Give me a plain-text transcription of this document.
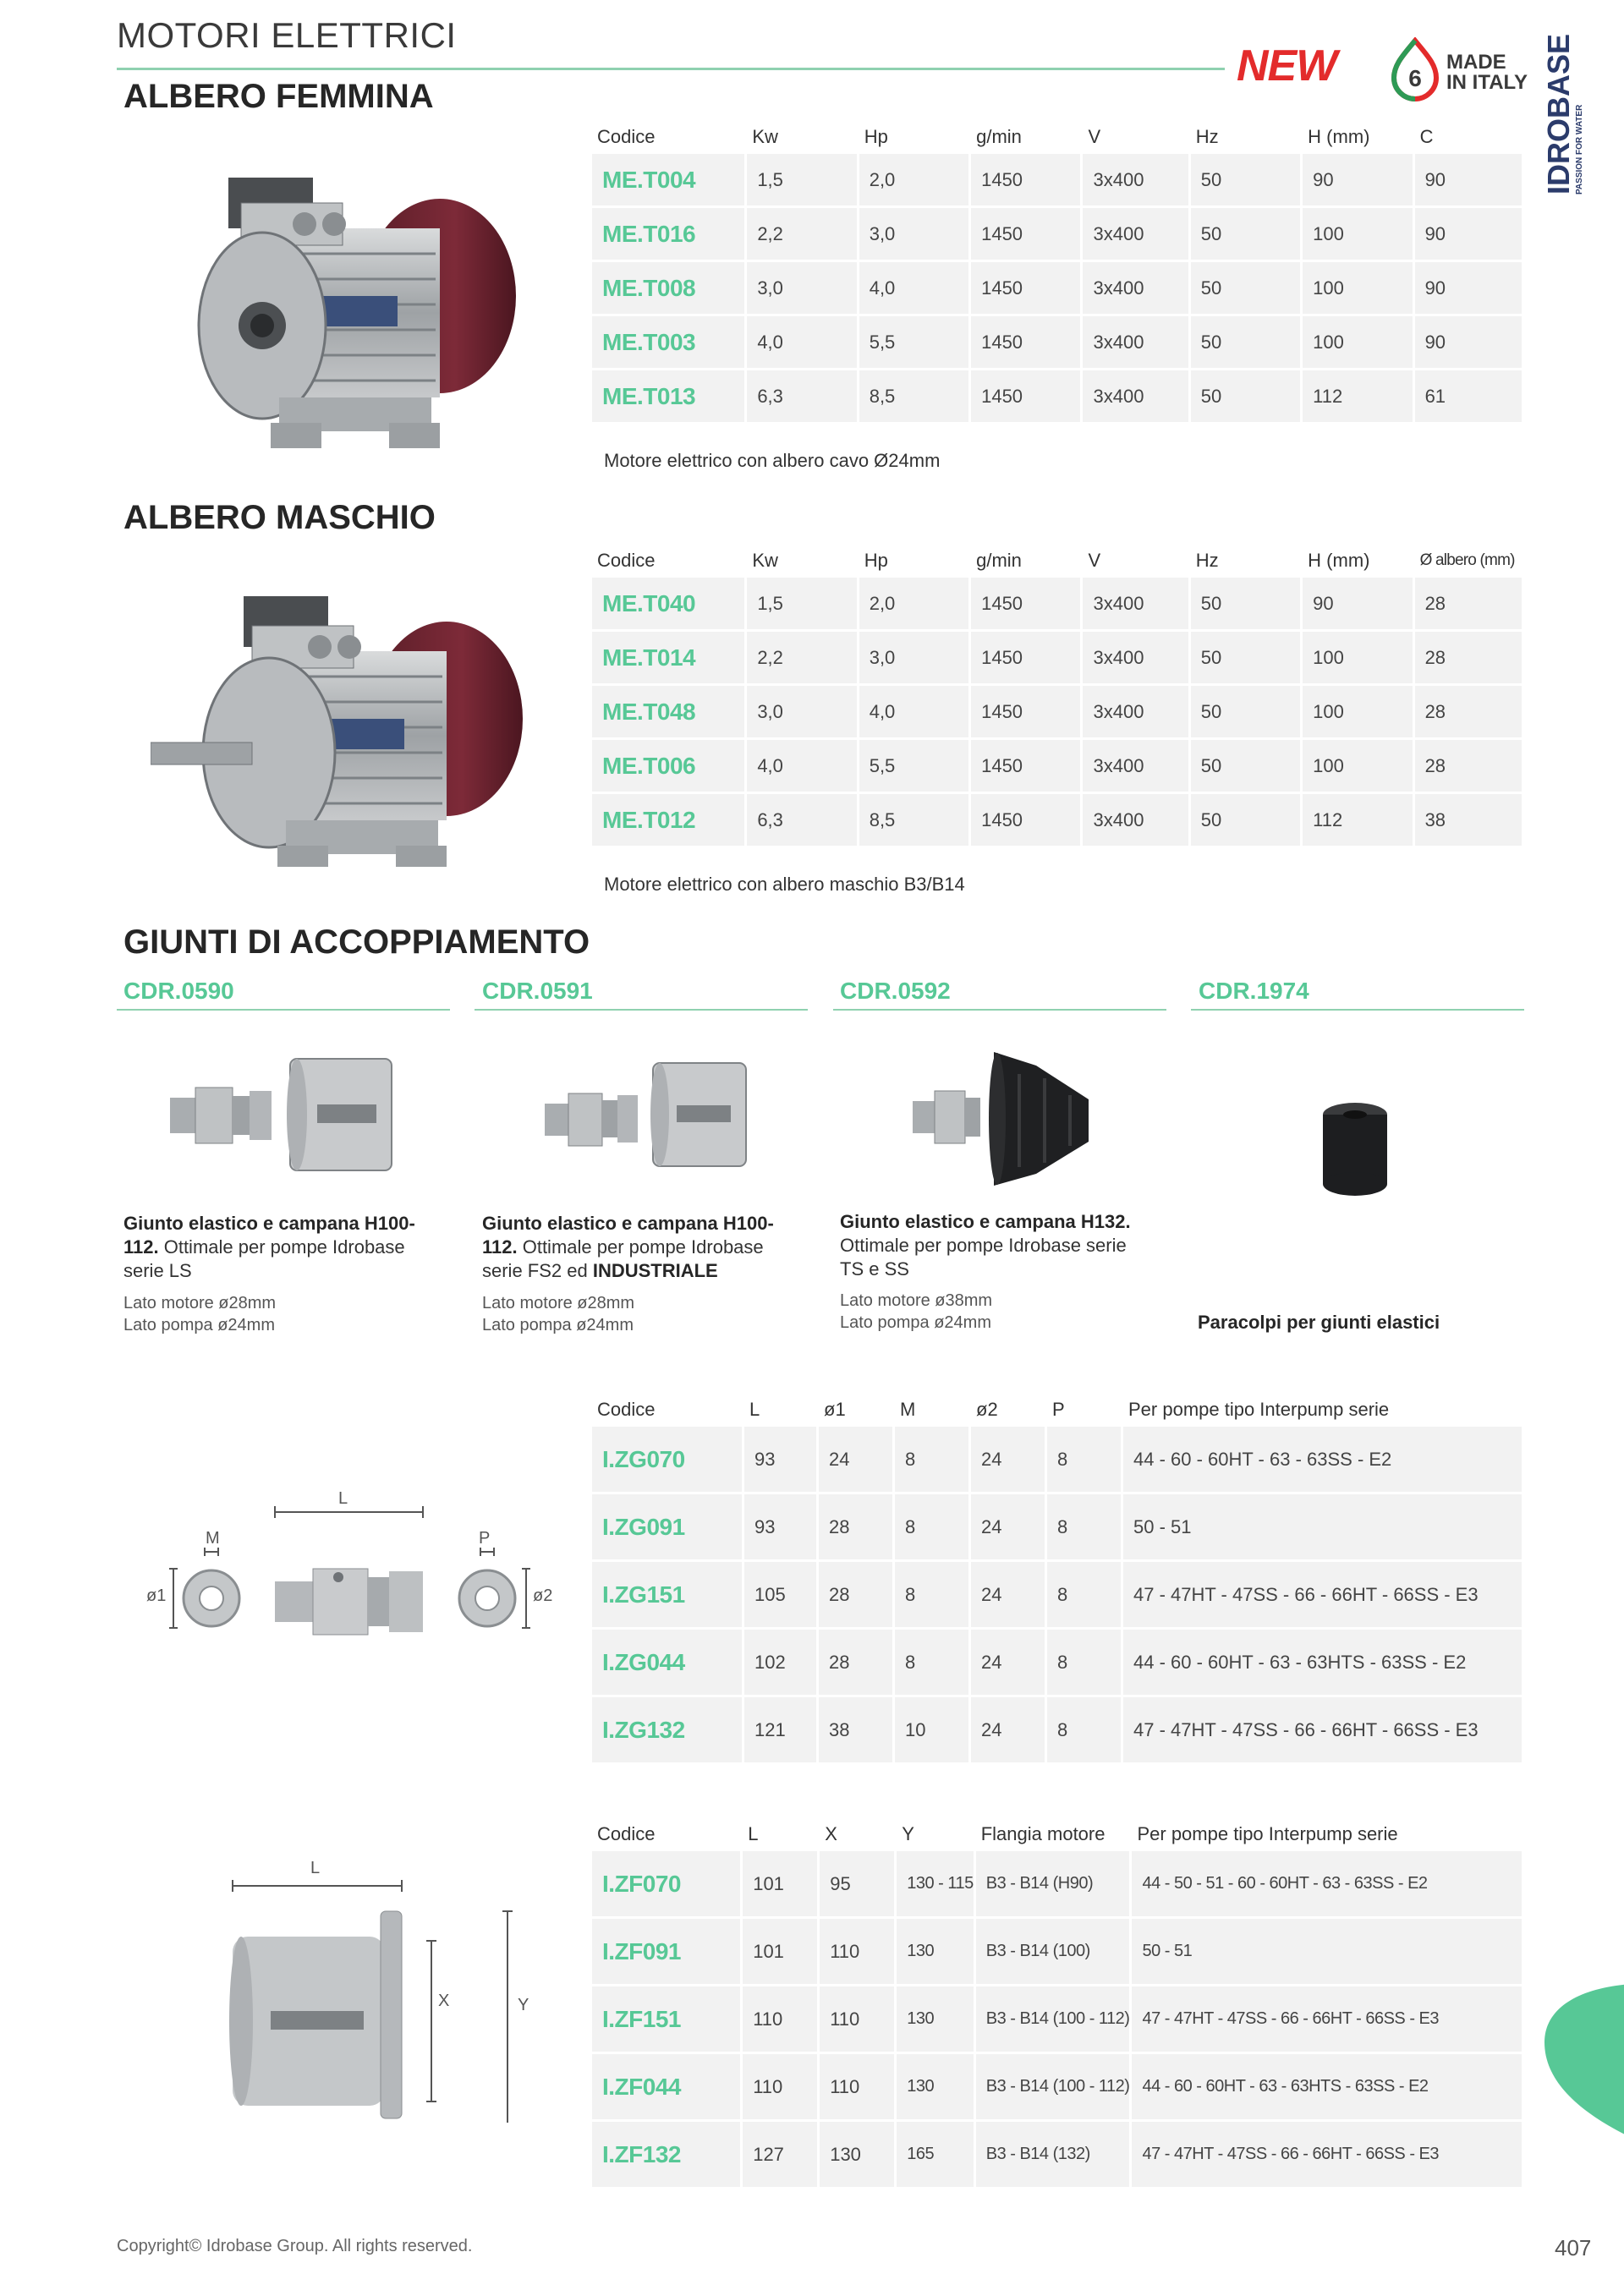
MOTORI ELETTRICI
NEW	6
MADE
IN ITALY IDROBASE PASSION FOR WATER
ALBERO FEMMINA
Codice	Kw	Hp	g/min	V	Hz	H (mm)	C
ME.T004	1,5	2,0	1450	3x400	50	90	90
ME.T016	2,2	3,0	1450	3x400	50	100	90
ME.T008	3,0	4,0	1450	3x400	50	100	90
ME.T003	4,0	5,5	1450	3x400	50	100	90
ME.T013	6,3	8,5	1450	3x400	50	112	61
Motore elettrico con albero cavo Ø24mm
ALBERO MASCHIO
Codice	Kw	Hp	g/min	V	Hz	H (mm)	Ø albero (mm)
ME.T040	1,5	2,0	1450	3x400	50	90	28
ME.T014	2,2	3,0	1450	3x400	50	100	28
ME.T048	3,0	4,0	1450	3x400	50	100	28
ME.T006	4,0	5,5	1450	3x400	50	100	28
ME.T012	6,3	8,5	1450	3x400	50	112	38
Motore elettrico con albero maschio B3/B14
GIUNTI DI ACCOPPIAMENTO
CDR.0590
Giunto elastico e campana H100-112. Ottimale per pompe Idrobase serie LS
Lato motore ø28mm
Lato pompa ø24mm
CDR.0591
Giunto elastico e campana H100-112. Ottimale per pompe Idrobase serie FS2 ed INDUSTRIALE
Lato motore ø28mm
Lato pompa ø24mm
CDR.0592
Giunto elastico e campana H132. Ottimale per pompe Idrobase serie TS e SS
Lato motore ø38mm
Lato pompa ø24mm
CDR.1974
Paracolpi per giunti elastici
L
M	P
ø1	ø2
Codice	L	ø1	M	ø2	P	Per pompe tipo Interpump serie
I.ZG070	93	24	8	24	8	44 - 60 - 60HT - 63 - 63SS - E2
I.ZG091	93	28	8	24	8	50 - 51
I.ZG151	105	28	8	24	8	47 - 47HT - 47SS - 66 - 66HT - 66SS - E3
I.ZG044	102	28	8	24	8	44 - 60 - 60HT - 63 - 63HTS - 63SS - E2
I.ZG132	121	38	10	24	8	47 - 47HT - 47SS - 66 - 66HT - 66SS - E3
L
X	Y
Codice	L	X	Y	Flangia motore	Per pompe tipo Interpump serie
I.ZF070	101	95	130 - 115	B3 - B14 (H90)	44 - 50 - 51 - 60 - 60HT - 63 - 63SS - E2
I.ZF091	101	110	130	B3 - B14 (100)	50 - 51
I.ZF151	110	110	130	B3 - B14 (100 - 112)	47 - 47HT - 47SS - 66 - 66HT - 66SS - E3
I.ZF044	110	110	130	B3 - B14 (100 - 112)	44 - 60 - 60HT - 63 - 63HTS - 63SS - E2
I.ZF132	127	130	165	B3 - B14 (132)	47 - 47HT - 47SS - 66 - 66HT - 66SS - E3
Copyright© Idrobase Group. All rights reserved.	407
